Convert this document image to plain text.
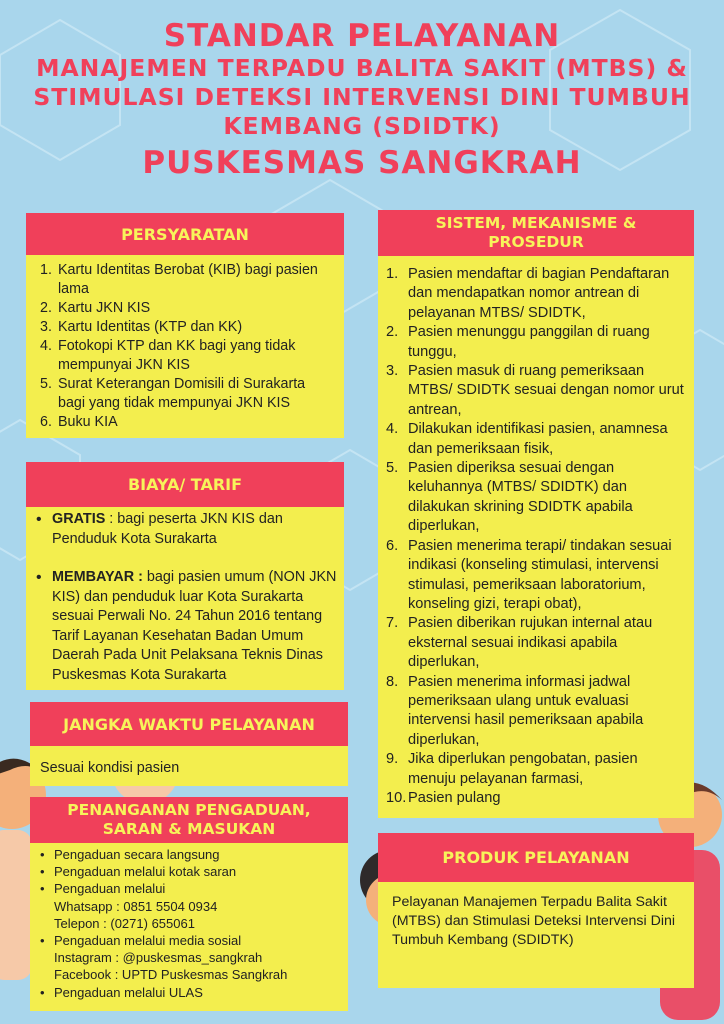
STANDAR PELAYANAN
MANAJEMEN TERPADU BALITA SAKIT (MTBS) &
STIMULASI DETEKSI INTERVENSI DINI TUMBUH
KEMBANG (SDIDTK)
PUSKESMAS SANGKRAH
PERSYARATAN
1. Kartu Identitas Berobat (KIB) bagi pasien lama
2. Kartu JKN KIS
3. Kartu Identitas (KTP dan KK)
4. Fotokopi KTP dan KK bagi yang tidak mempunyai JKN KIS
5. Surat Keterangan Domisili di Surakarta bagi yang tidak mempunyai JKN KIS
6. Buku KIA
BIAYA/ TARIF
• GRATIS : bagi peserta JKN KIS dan Penduduk Kota Surakarta
• MEMBAYAR : bagi pasien umum (NON JKN KIS) dan penduduk luar Kota Surakarta sesuai Perwali No. 24 Tahun 2016 tentang Tarif Layanan Kesehatan Badan Umum Daerah Pada Unit Pelaksana Teknis Dinas Puskesmas Kota Surakarta
JANGKA WAKTU PELAYANAN
Sesuai kondisi pasien
PENANGANAN PENGADUAN,
SARAN & MASUKAN
• Pengaduan secara langsung
• Pengaduan melalui kotak saran
• Pengaduan melalui
Whatsapp : 0851 5504 0934
Telepon : (0271) 655061
• Pengaduan melalui media sosial
Instagram : @puskesmas_sangkrah
Facebook : UPTD Puskesmas Sangkrah
• Pengaduan melalui ULAS
SISTEM, MEKANISME &
PROSEDUR
1. Pasien mendaftar di bagian Pendaftaran dan mendapatkan nomor antrean di pelayanan MTBS/ SDIDTK,
2. Pasien menunggu panggilan di ruang tunggu,
3. Pasien masuk di ruang pemeriksaan MTBS/ SDIDTK sesuai dengan nomor urut antrean,
4. Dilakukan identifikasi pasien, anamnesa dan pemeriksaan fisik,
5. Pasien diperiksa sesuai dengan keluhannya (MTBS/ SDIDTK) dan dilakukan skrining SDIDTK apabila diperlukan,
6. Pasien menerima terapi/ tindakan sesuai indikasi (konseling stimulasi, intervensi stimulasi, pemeriksaan laboratorium, konseling gizi, terapi obat),
7. Pasien diberikan rujukan internal atau eksternal sesuai indikasi apabila diperlukan,
8. Pasien menerima informasi jadwal pemeriksaan ulang untuk evaluasi intervensi hasil pemeriksaan apabila diperlukan,
9. Jika diperlukan pengobatan, pasien menuju pelayanan farmasi,
10. Pasien pulang
PRODUK PELAYANAN
Pelayanan Manajemen Terpadu Balita Sakit (MTBS) dan Stimulasi Deteksi Intervensi Dini Tumbuh Kembang (SDIDTK)
